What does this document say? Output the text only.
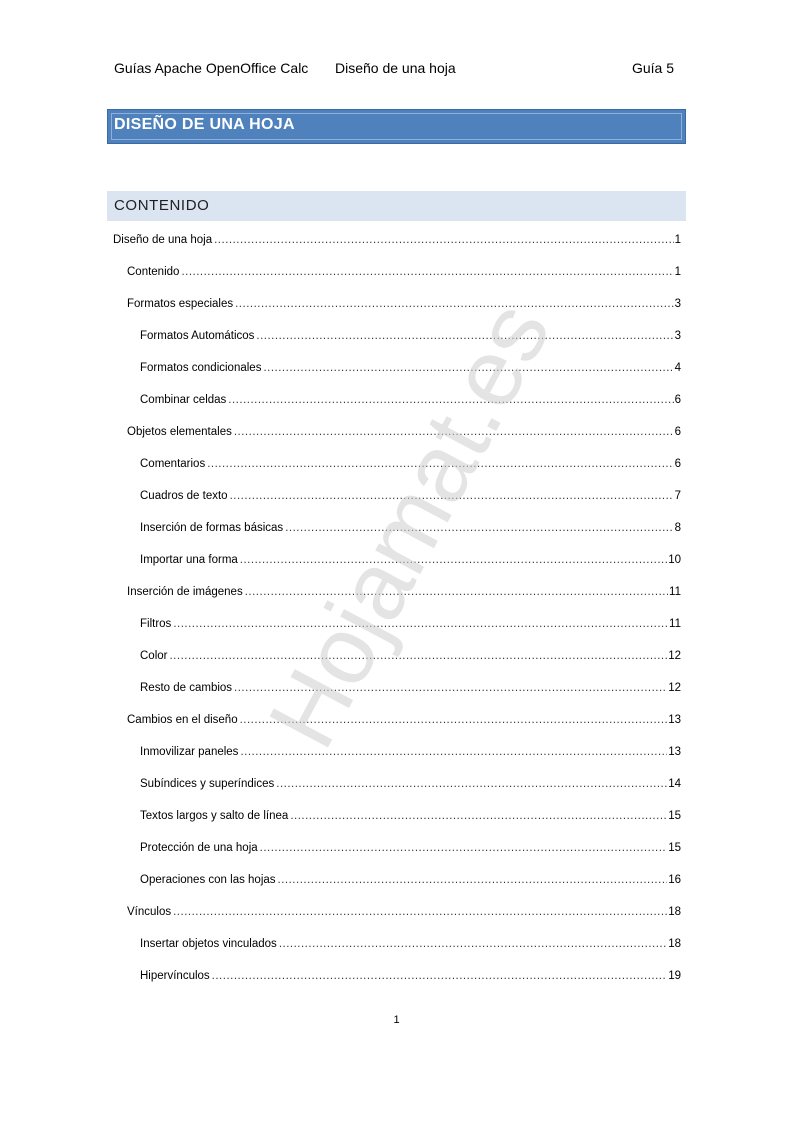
Guías Apache OpenOffice Calc Diseño de una hoja	Guía 5
DISEÑO DE UNA HOJA
CONTENIDO
Diseño de una hoja .....	1
Contenido .....	1
Formatos especiales .....	3
Formatos Automáticos .....	3
Formatos condicionales .....	4
Combinar celdas .....	6
Objetos elementales .....	6
Comentarios .....	6
Cuadros de texto .....	7
Inserción de formas básicas .....	8
Importar una forma .....	10
Inserción de imágenes .....	11
Filtros .....	11
Color .....	12
Resto de cambios .....	12
Cambios en el diseño .....	13
Inmovilizar paneles .....	13
Subíndices y superíndices .....	14
Textos largos y salto de línea .....	15
Protección de una hoja .....	15
Operaciones con las hojas .....	16
Vínculos .....	18
Insertar objetos vinculados .....	18
Hipervínculos .....	19
Hojamat.es
1
